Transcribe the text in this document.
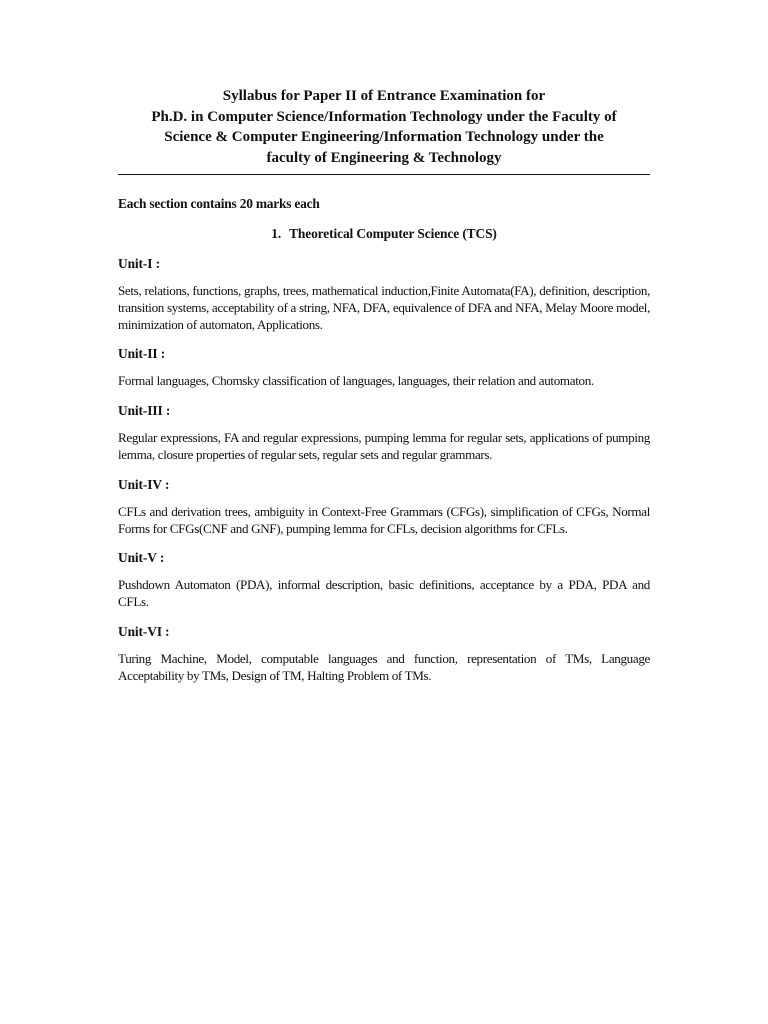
Syllabus for Paper II of Entrance Examination for
Ph.D. in Computer Science/Information Technology under the Faculty of
Science & Computer Engineering/Information Technology under the
faculty of Engineering & Technology
Each section contains 20 marks each
1. Theoretical Computer Science (TCS)
Unit-I :
Sets, relations, functions, graphs, trees, mathematical induction,Finite Automata(FA), definition, description, transition systems, acceptability of a string, NFA, DFA, equivalence of DFA and NFA, Melay Moore model, minimization of automaton, Applications.
Unit-II :
Formal languages, Chomsky classification of languages, languages, their relation and automaton.
Unit-III :
Regular expressions, FA and regular expressions, pumping lemma for regular sets, applications of pumping lemma, closure properties of regular sets, regular sets and regular grammars.
Unit-IV :
CFLs and derivation trees, ambiguity in Context-Free Grammars (CFGs), simplification of CFGs, Normal Forms for CFGs(CNF and GNF), pumping lemma for CFLs, decision algorithms for CFLs.
Unit-V :
Pushdown Automaton (PDA), informal description, basic definitions, acceptance by a PDA, PDA and CFLs.
Unit-VI :
Turing Machine, Model, computable languages and function, representation of TMs, Language Acceptability by TMs, Design of TM, Halting Problem of TMs.
